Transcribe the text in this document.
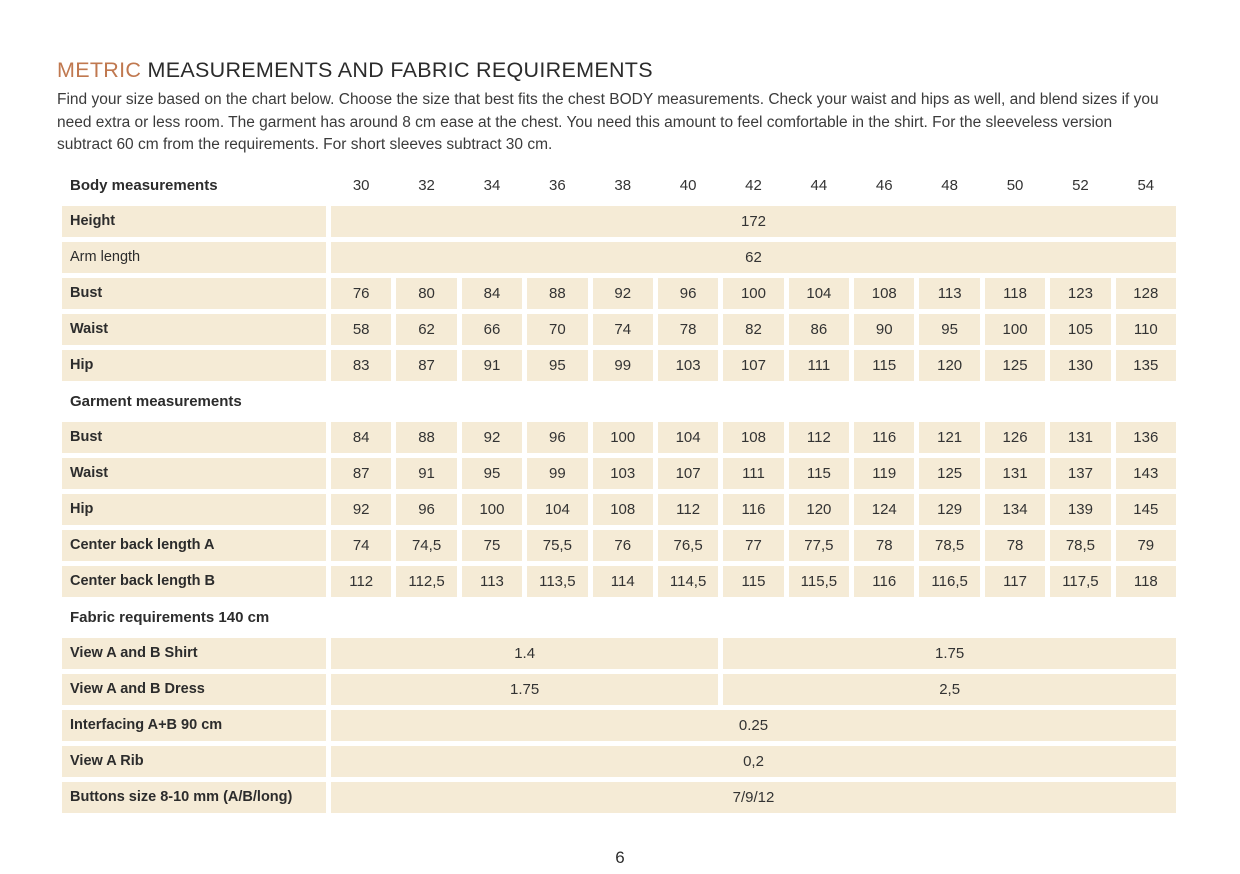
METRIC MEASUREMENTS AND FABRIC REQUIREMENTS

Find your size based on the chart below. Choose the size that best fits the chest BODY measurements. Check your waist and hips as well, and blend sizes if you need extra or less room. The garment has around 8 cm ease at the chest. You need this amount to feel comfortable in the shirt. For the sleeveless version subtract 60 cm from the requirements. For short sleeves subtract 30 cm.

Body measurements	30	32	34	36	38	40	42	44	46	48	50	52	54
Height	172
Arm length	62
Bust	76	80	84	88	92	96	100	104	108	113	118	123	128
Waist	58	62	66	70	74	78	82	86	90	95	100	105	110
Hip	83	87	91	95	99	103	107	111	115	120	125	130	135
Garment measurements
Bust	84	88	92	96	100	104	108	112	116	121	126	131	136
Waist	87	91	95	99	103	107	111	115	119	125	131	137	143
Hip	92	96	100	104	108	112	116	120	124	129	134	139	145
Center back length A	74	74,5	75	75,5	76	76,5	77	77,5	78	78,5	78	78,5	79
Center back length B	112	112,5	113	113,5	114	114,5	115	115,5	116	116,5	117	117,5	118
Fabric requirements 140 cm
View A and B Shirt	1.4	1.75
View A and B Dress	1.75	2,5
Interfacing A+B 90 cm	0.25
View A Rib	0,2
Buttons size 8-10 mm (A/B/long)	7/9/12
6
